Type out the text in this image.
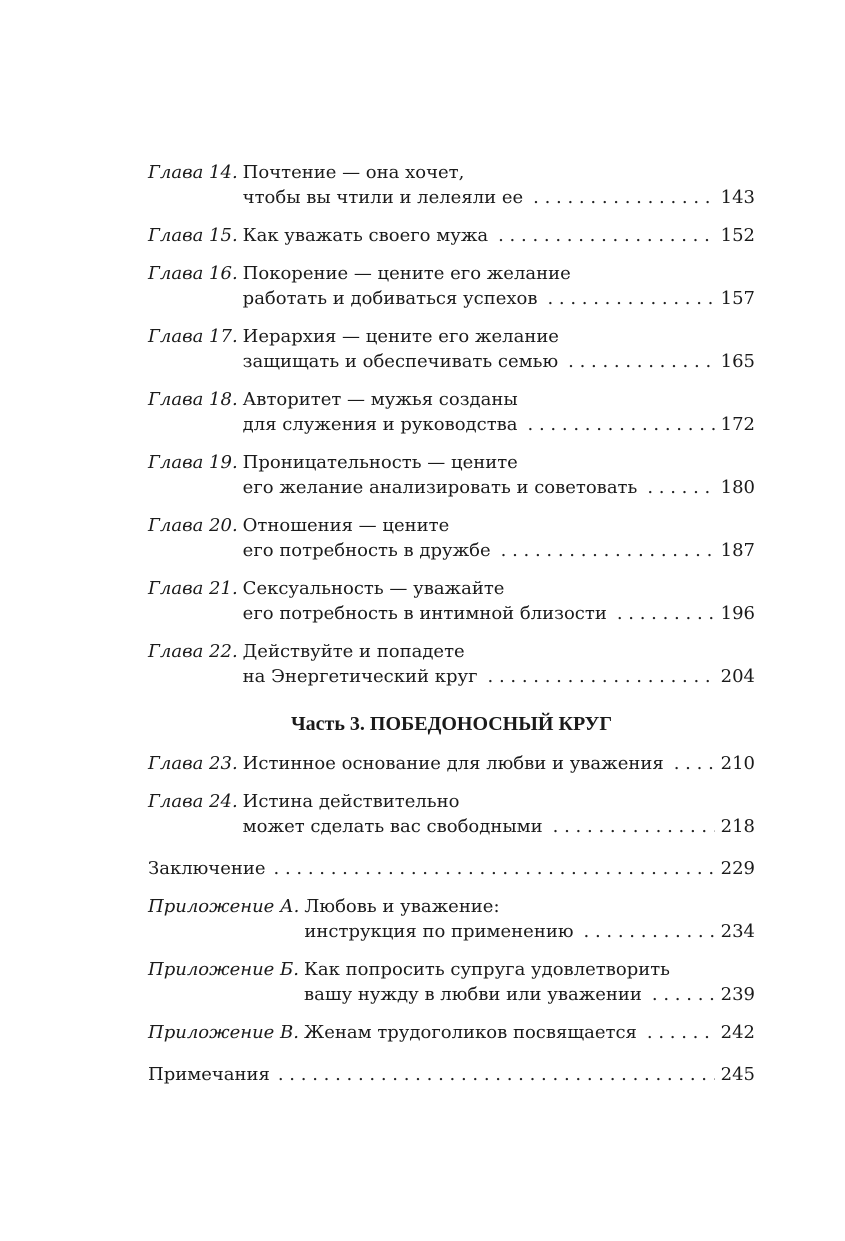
Глава 14. Почтение — она хочет,
чтобы вы чтили и лелеяли ее . . .	143
Глава 15. Как уважать своего мужа . . .	152
Глава 16. Покорение — цените его желание
работать и добиваться успехов . . .	157
Глава 17. Иерархия — цените его желание
защищать и обеспечивать семью . . .	165
Глава 18. Авторитет — мужья созданы
для служения и руководства . . .	172
Глава 19. Проницательность — цените
его желание анализировать и советовать . . .	180
Глава 20. Отношения — цените
его потребность в дружбе . . .	187
Глава 21. Сексуальность — уважайте
его потребность в интимной близости . . .	196
Глава 22. Действуйте и попадете
на Энергетический круг . . .	204
Часть 3. ПОБЕДОНОСНЫЙ КРУГ
Глава 23. Истинное основание для любви и уважения . . .	210
Глава 24. Истина действительно
может сделать вас свободными . . .	218
Заключение . . .	229
Приложение А. Любовь и уважение:
инструкция по применению . . .	234
Приложение Б. Как попросить супруга удовлетворить
вашу нужду в любви или уважении . . .	239
Приложение В. Женам трудоголиков посвящается . . .	242
Примечания . . .	245
